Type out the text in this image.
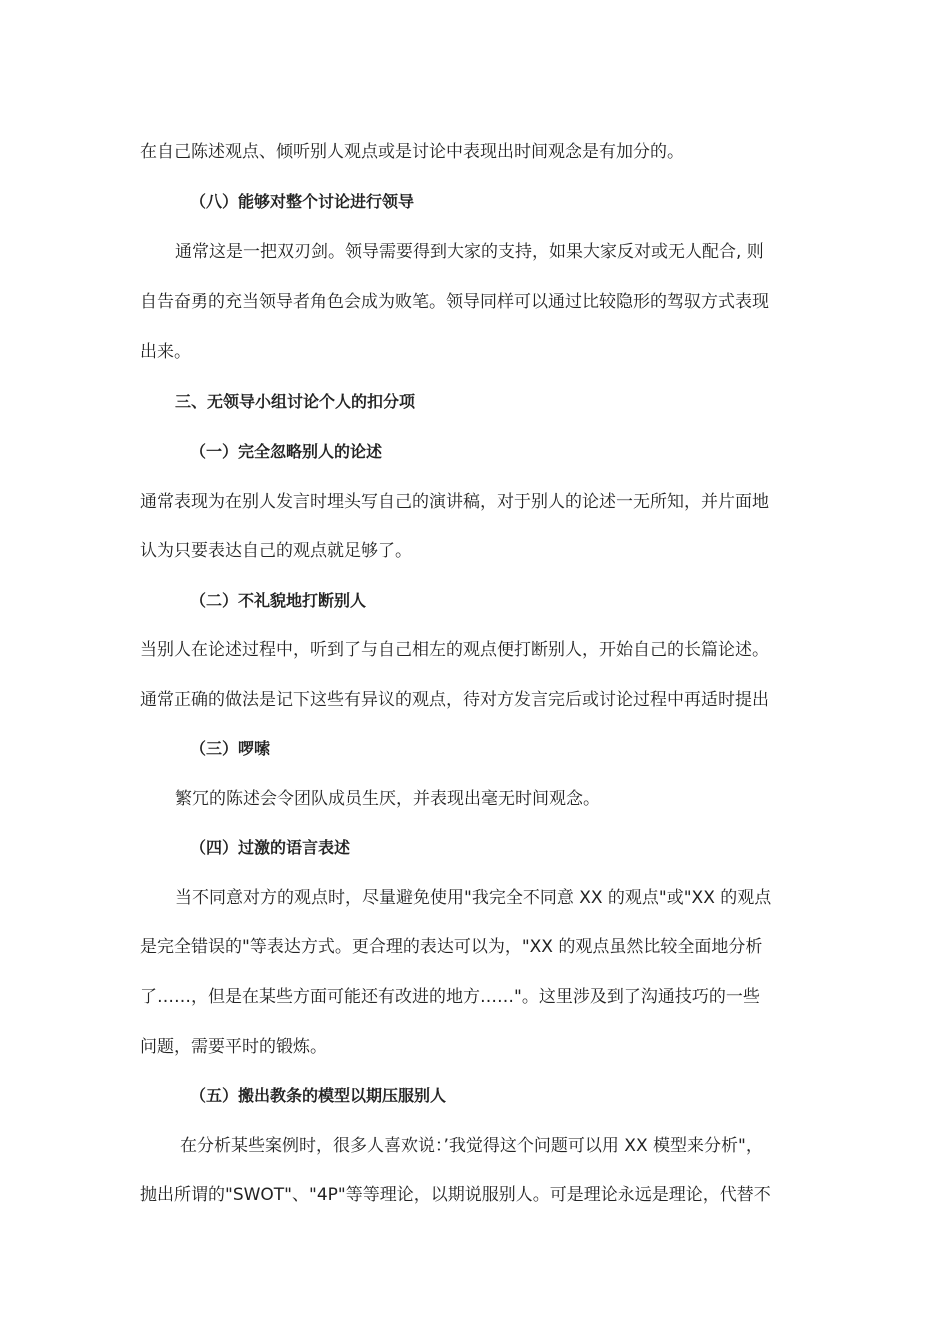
在自己陈述观点、倾听别人观点或是讨论中表现出时间观念是有加分的。
（八）能够对整个讨论进行领导
通常这是一把双刃剑。领导需要得到大家的支持，如果大家反对或无人配合, 则
自告奋勇的充当领导者角色会成为败笔。领导同样可以通过比较隐形的驾驭方式表现
出来。
三、无领导小组讨论个人的扣分项
（一）完全忽略别人的论述
通常表现为在别人发言时埋头写自己的演讲稿，对于别人的论述一无所知，并片面地
认为只要表达自己的观点就足够了。
（二）不礼貌地打断别人
当别人在论述过程中，听到了与自己相左的观点便打断别人，开始自己的长篇论述。
通常正确的做法是记下这些有异议的观点，待对方发言完后或讨论过程中再适时提出
（三）啰嗦
繁冗的陈述会令团队成员生厌，并表现出毫无时间观念。
（四）过激的语言表述
当不同意对方的观点时，尽量避免使用"我完全不同意 XX 的观点"或"XX 的观点
是完全错误的"等表达方式。更合理的表达可以为，"XX 的观点虽然比较全面地分析
了……，但是在某些方面可能还有改进的地方……"。这里涉及到了沟通技巧的一些
问题，需要平时的锻炼。
（五）搬出教条的模型以期压服别人
在分析某些案例时，很多人喜欢说：’我觉得这个问题可以用 XX 模型来分析"，
抛出所谓的"SWOT"、"4P"等等理论，以期说服别人。可是理论永远是理论，代替不
